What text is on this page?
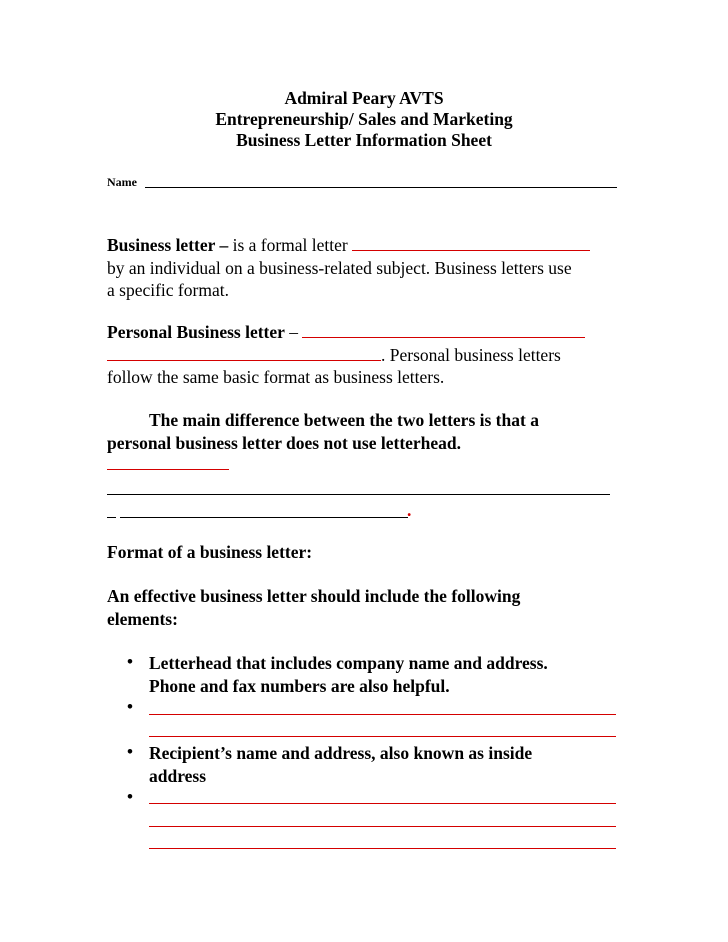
Admiral Peary AVTS
Entrepreneurship/ Sales and Marketing
Business Letter Information Sheet
Name
Business letter – is a formal letter
by an individual on a business-related subject. Business letters use
a specific format.
Personal Business letter –
. Personal business letters
follow the same basic format as business letters.
The main difference between the two letters is that a
personal business letter does not use letterhead.
.
Format of a business letter:
An effective business letter should include the following
elements:
• Letterhead that includes company name and address.
Phone and fax numbers are also helpful.
•
• Recipient’s name and address, also known as inside
address
•
